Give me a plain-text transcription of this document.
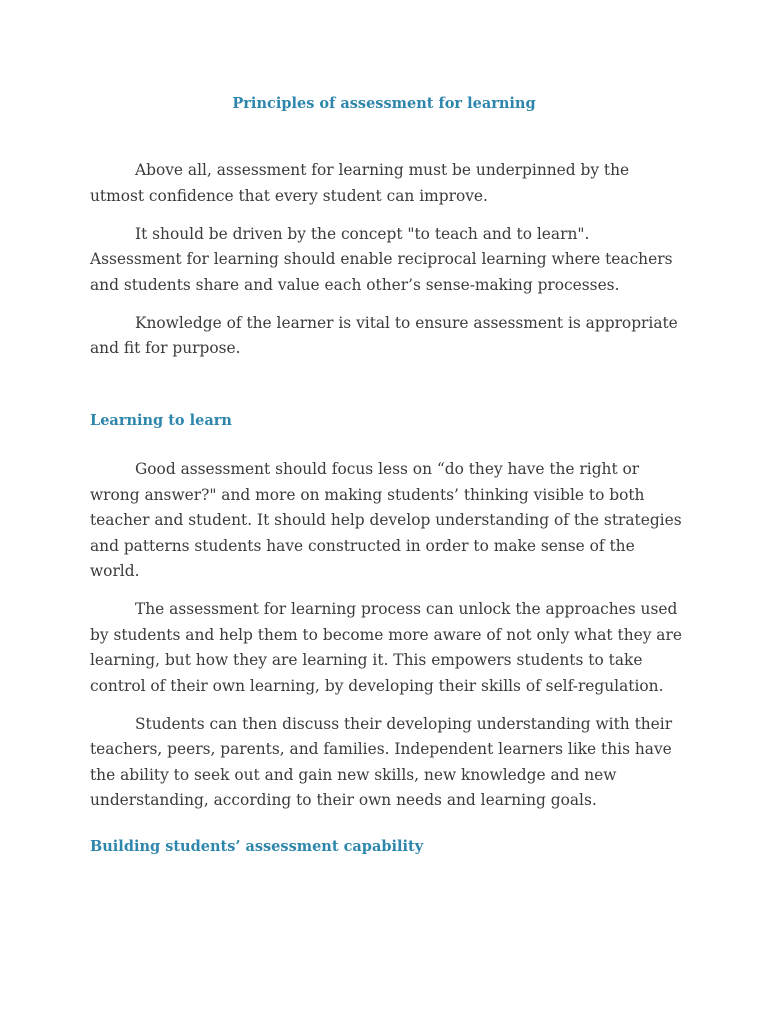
Principles of assessment for learning

Above all, assessment for learning must be underpinned by the utmost confidence that every student can improve.

It should be driven by the concept "to teach and to learn". Assessment for learning should enable reciprocal learning where teachers and students share and value each other’s sense-making processes.

Knowledge of the learner is vital to ensure assessment is appropriate and fit for purpose.

Learning to learn

Good assessment should focus less on “do they have the right or wrong answer?" and more on making students’ thinking visible to both teacher and student. It should help develop understanding of the strategies and patterns students have constructed in order to make sense of the world.

The assessment for learning process can unlock the approaches used by students and help them to become more aware of not only what they are learning, but how they are learning it. This empowers students to take control of their own learning, by developing their skills of self-regulation.

Students can then discuss their developing understanding with their teachers, peers, parents, and families. Independent learners like this have the ability to seek out and gain new skills, new knowledge and new understanding, according to their own needs and learning goals.

Building students’ assessment capability
